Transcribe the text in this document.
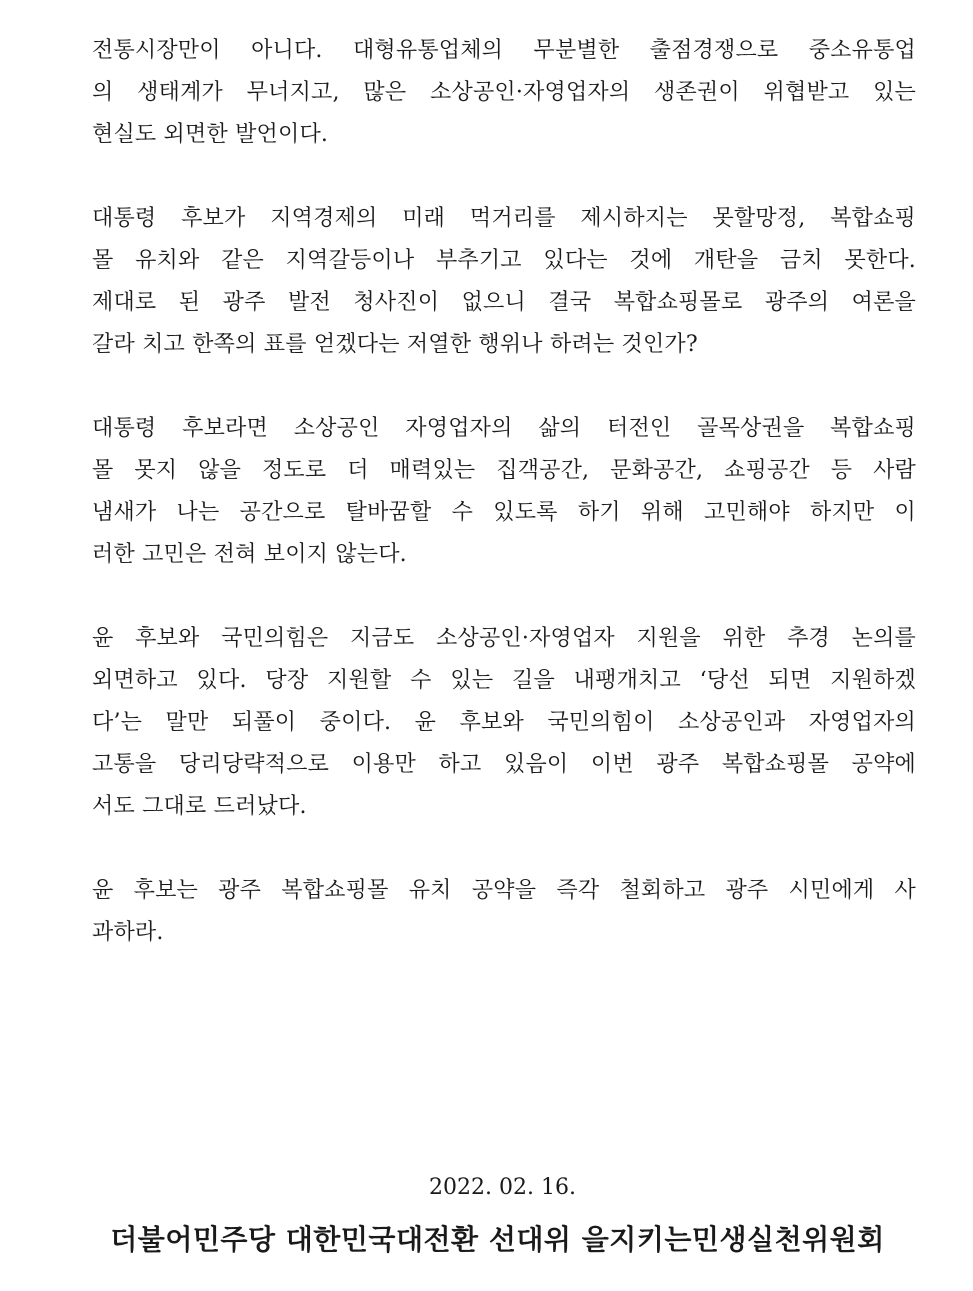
전통시장만이 아니다. 대형유통업체의 무분별한 출점경쟁으로 중소유통업
의 생태계가 무너지고, 많은 소상공인·자영업자의 생존권이 위협받고 있는
현실도 외면한 발언이다.

대통령 후보가 지역경제의 미래 먹거리를 제시하지는 못할망정, 복합쇼핑
몰 유치와 같은 지역갈등이나 부추기고 있다는 것에 개탄을 금치 못한다.
제대로 된 광주 발전 청사진이 없으니 결국 복합쇼핑몰로 광주의 여론을
갈라 치고 한쪽의 표를 얻겠다는 저열한 행위나 하려는 것인가?

대통령 후보라면 소상공인 자영업자의 삶의 터전인 골목상권을 복합쇼핑
몰 못지 않을 정도로 더 매력있는 집객공간, 문화공간, 쇼핑공간 등 사람
냄새가 나는 공간으로 탈바꿈할 수 있도록 하기 위해 고민해야 하지만 이
러한 고민은 전혀 보이지 않는다.

윤 후보와 국민의힘은 지금도 소상공인·자영업자 지원을 위한 추경 논의를
외면하고 있다. 당장 지원할 수 있는 길을 내팽개치고 ‘당선 되면 지원하겠
다’는 말만 되풀이 중이다. 윤 후보와 국민의힘이 소상공인과 자영업자의
고통을 당리당략적으로 이용만 하고 있음이 이번 광주 복합쇼핑몰 공약에
서도 그대로 드러났다.

윤 후보는 광주 복합쇼핑몰 유치 공약을 즉각 철회하고 광주 시민에게 사
과하라.

2022. 02. 16.
더불어민주당 대한민국대전환 선대위 을지키는민생실천위원회
